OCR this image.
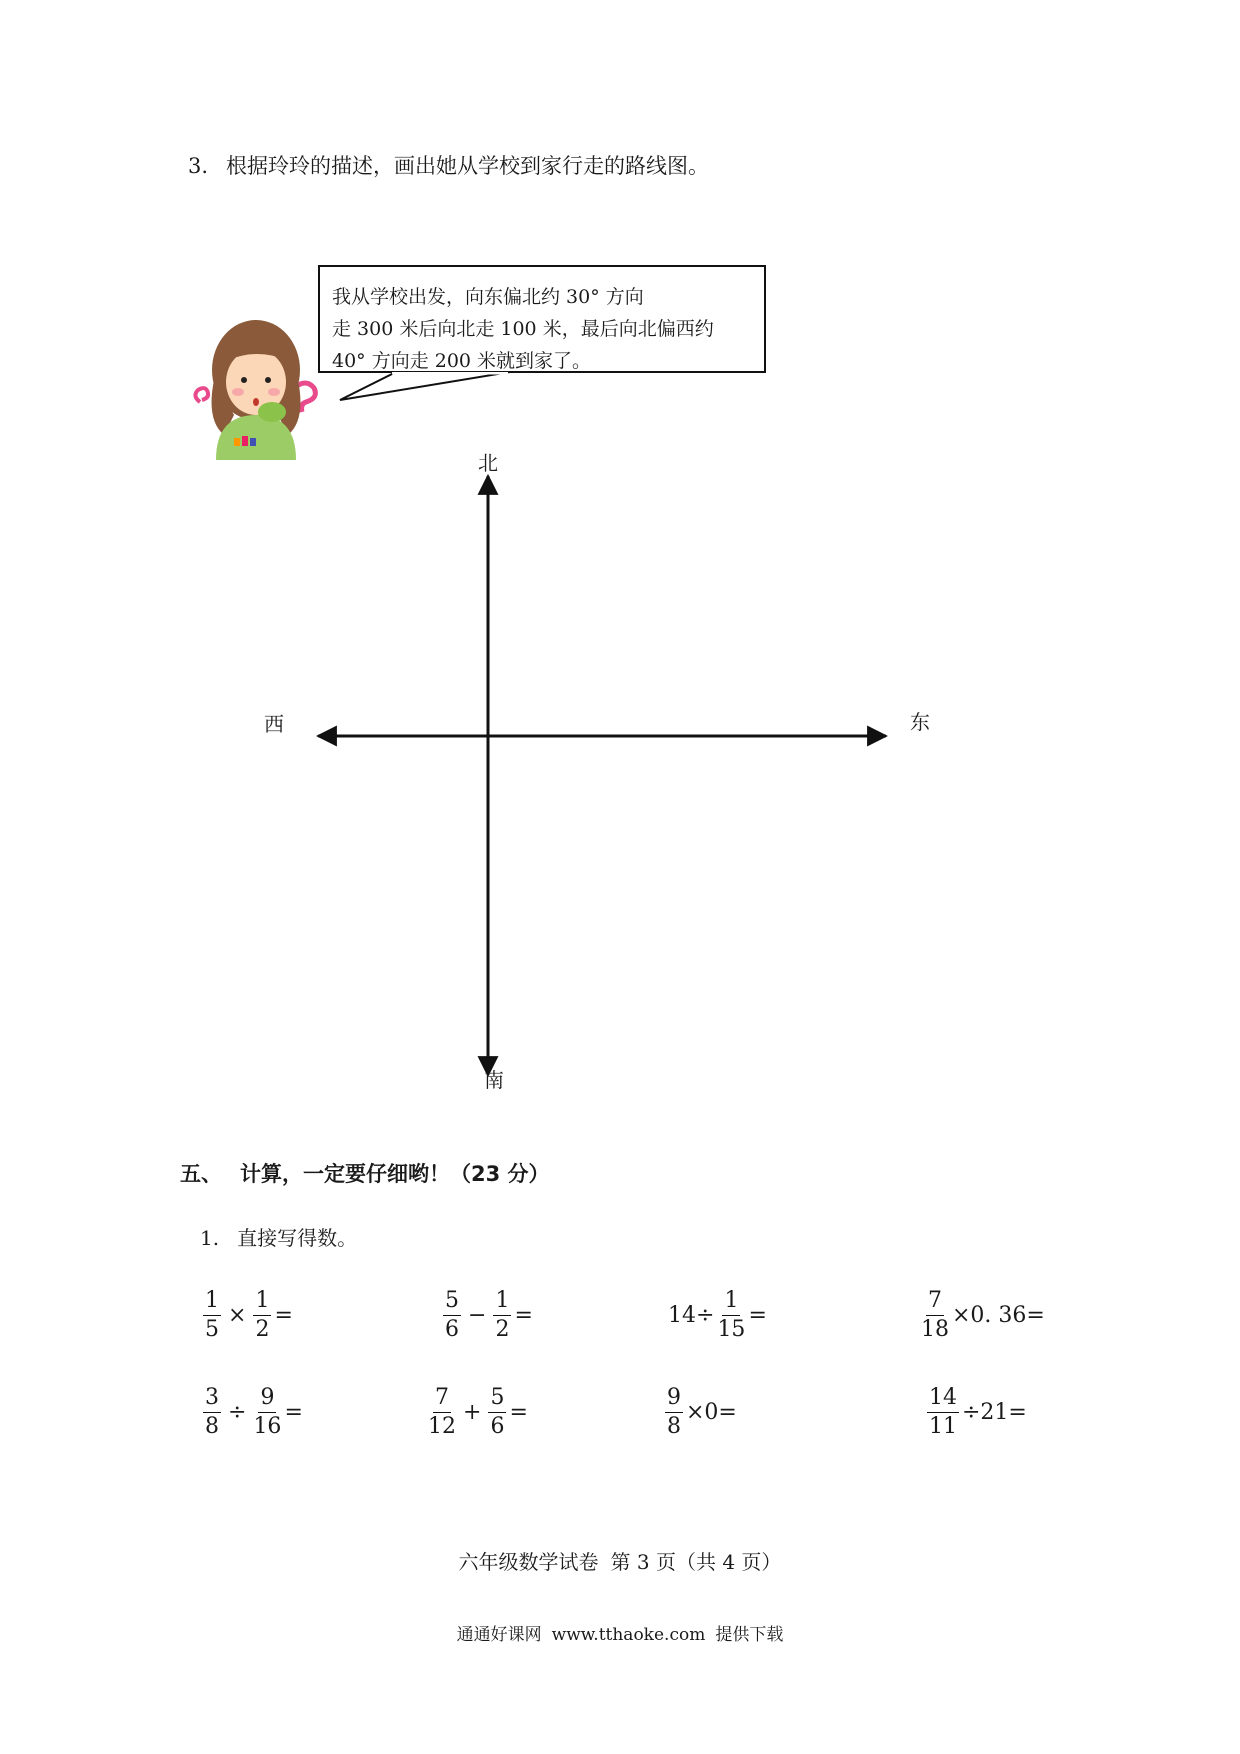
3. 根据玲玲的描述，画出她从学校到家行走的路线图。
我从学校出发，向东偏北约 30° 方向
走 300 米后向北走 100 米，最后向北偏西约
40° 方向走 200 米就到家了。
北
南
东
西
五、 计算，一定要仔细哟！（23 分）
1. 直接写得数。
$\frac{1}{5} \times \frac{1}{2}$ =	$\frac{5}{6} - \frac{1}{2}$ =	$14\div \frac{1}{15}$ =	$\frac{7}{18} \times 0$. 36=
$\frac{3}{8} \div \frac{9}{16}$ =	$\frac{7}{12} + \frac{5}{6}$ =	$\frac{9}{8} \times 0=$	$\frac{14}{11} \div 21=$
六年级数学试卷 第 3 页（共 4 页）
通通好课网 www.tthaoke.com 提供下载
